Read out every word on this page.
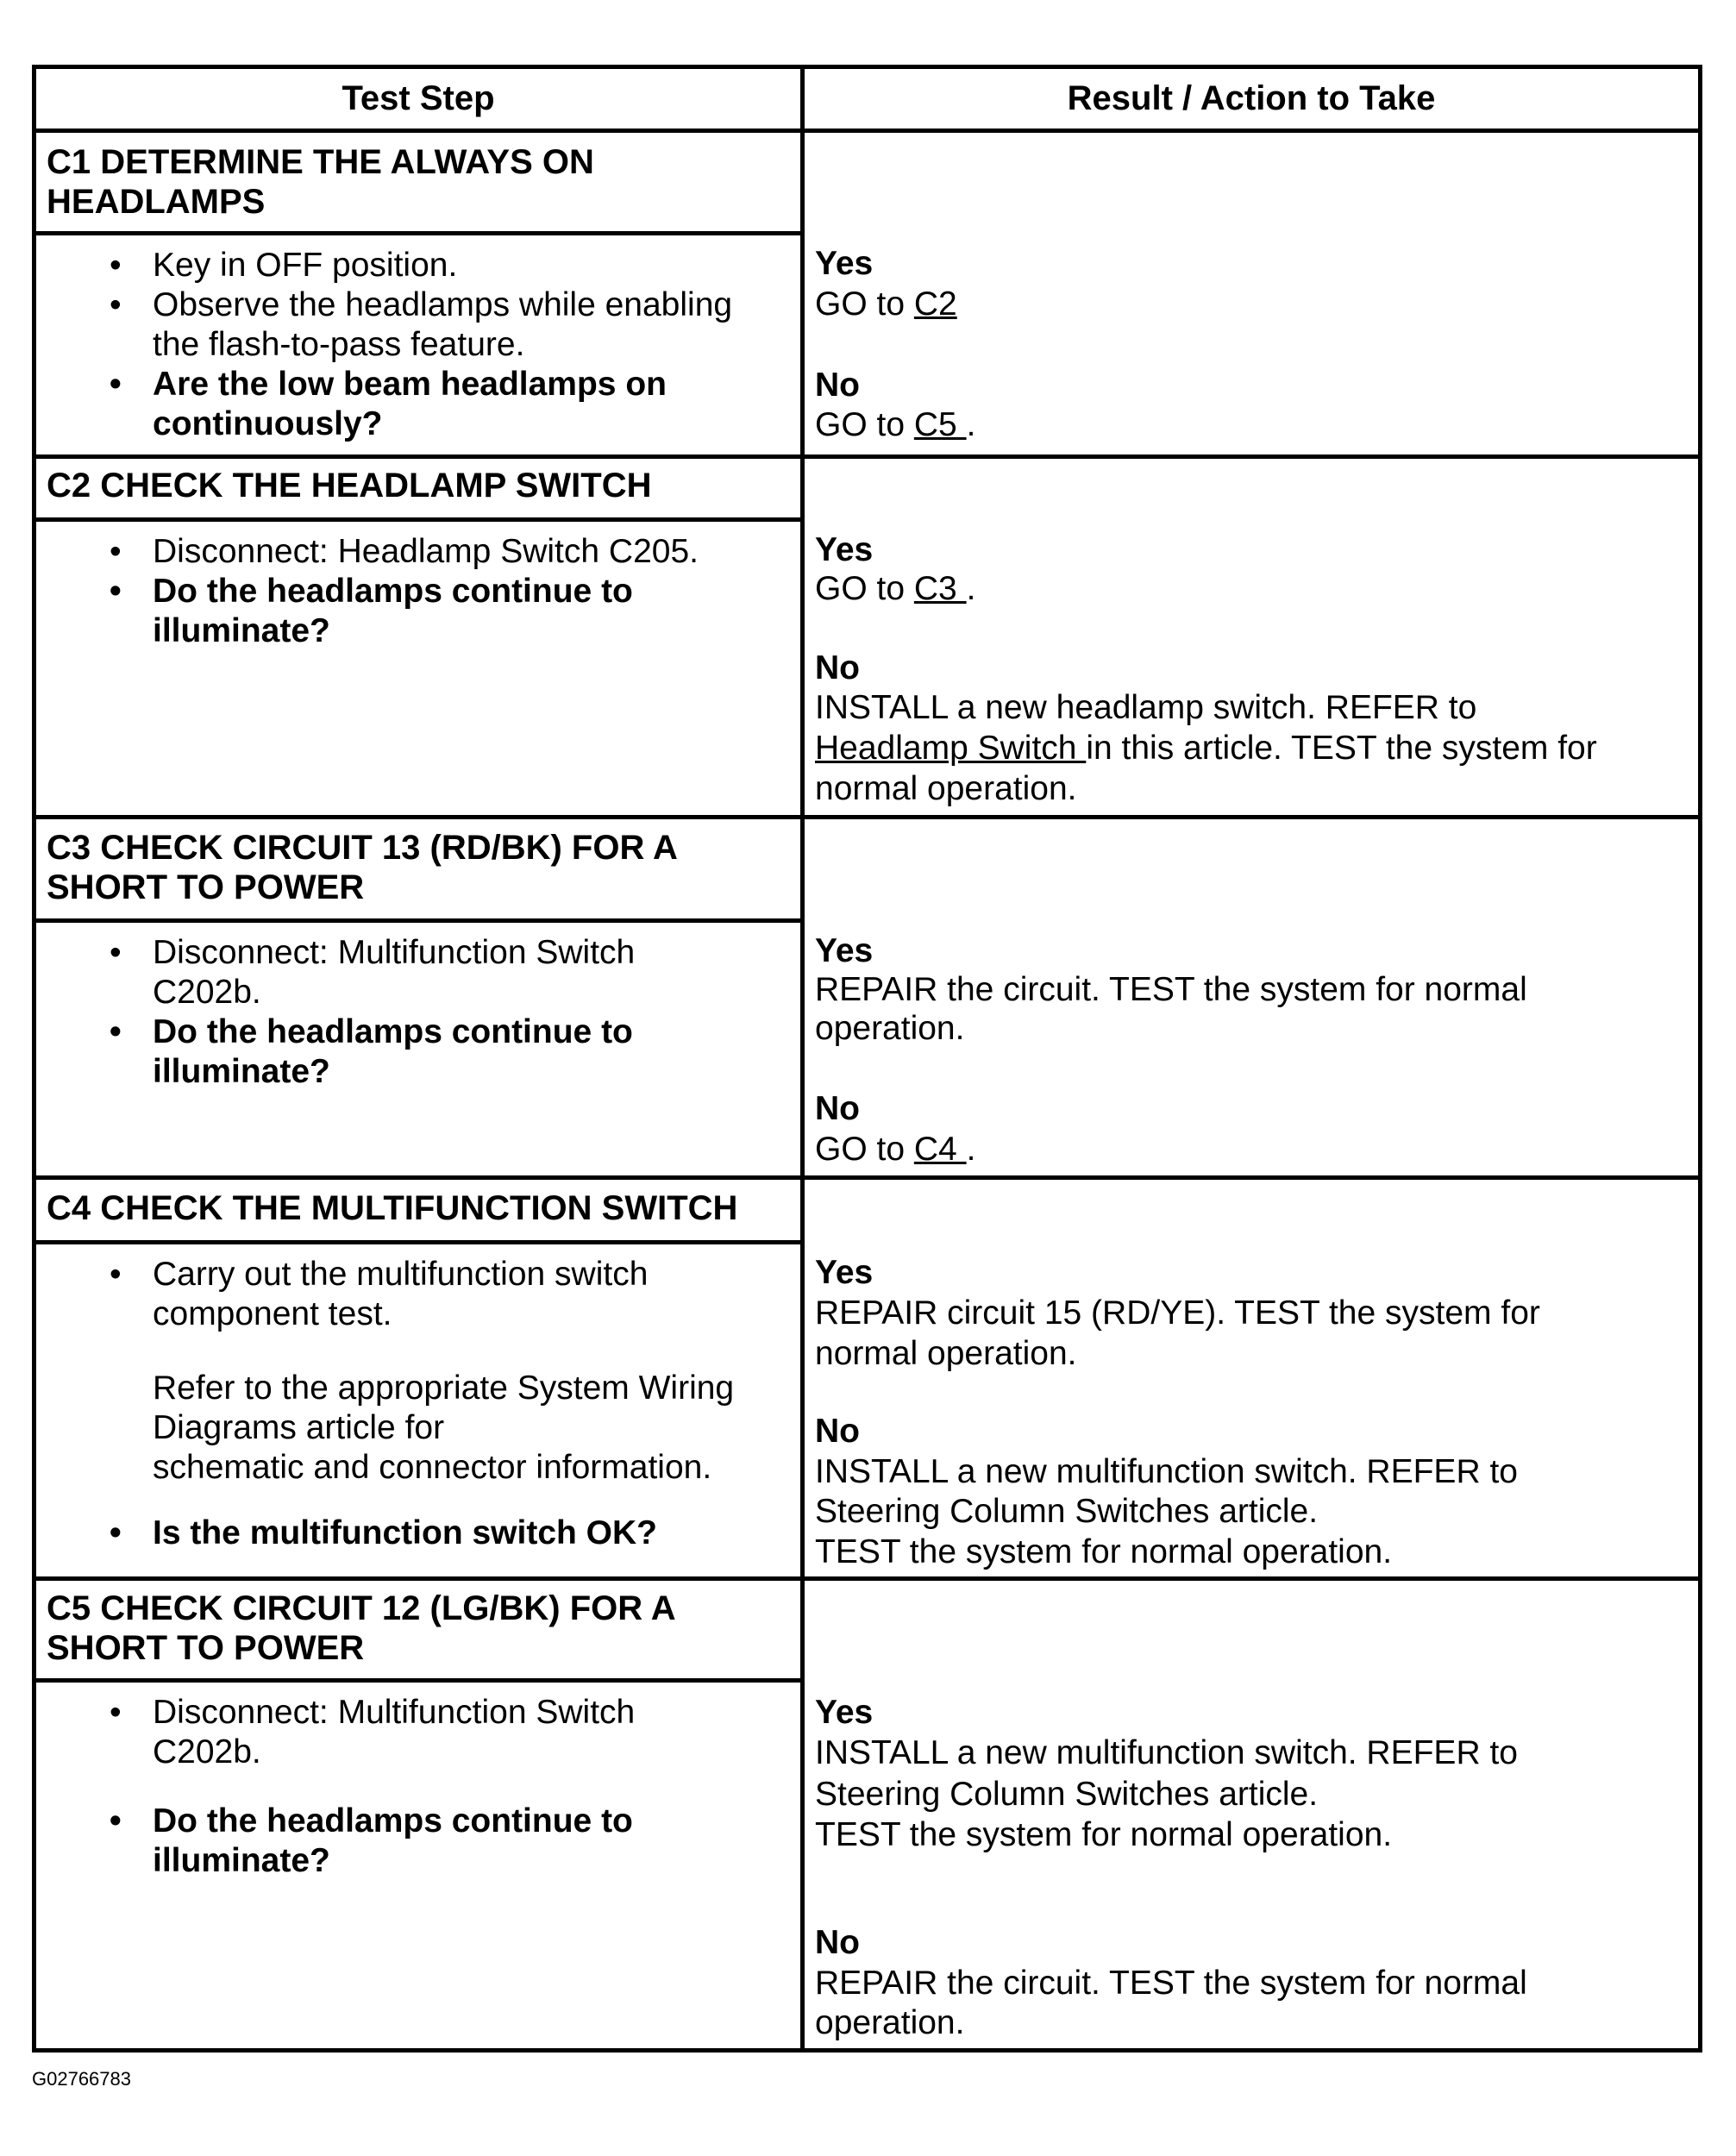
Test Step	Result / Action to Take
C1 DETERMINE THE ALWAYS ON
HEADLAMPS
• Key in OFF position.
• Observe the headlamps while enabling
the flash-to-pass feature.
• Are the low beam headlamps on
continuously?
Yes
GO to C2
No
GO to C5 .
C2 CHECK THE HEADLAMP SWITCH
• Disconnect: Headlamp Switch C205.
• Do the headlamps continue to
illuminate?
Yes
GO to C3 .
No
INSTALL a new headlamp switch. REFER to
Headlamp Switch in this article. TEST the system for
normal operation.
C3 CHECK CIRCUIT 13 (RD/BK) FOR A
SHORT TO POWER
• Disconnect: Multifunction Switch
C202b.
• Do the headlamps continue to
illuminate?
Yes
REPAIR the circuit. TEST the system for normal
operation.
No
GO to C4 .
C4 CHECK THE MULTIFUNCTION SWITCH
• Carry out the multifunction switch
component test.
Refer to the appropriate System Wiring
Diagrams article for
schematic and connector information.
• Is the multifunction switch OK?
Yes
REPAIR circuit 15 (RD/YE). TEST the system for
normal operation.
No
INSTALL a new multifunction switch. REFER to
Steering Column Switches article.
TEST the system for normal operation.
C5 CHECK CIRCUIT 12 (LG/BK) FOR A
SHORT TO POWER
• Disconnect: Multifunction Switch
C202b.
• Do the headlamps continue to
illuminate?
Yes
INSTALL a new multifunction switch. REFER to
Steering Column Switches article.
TEST the system for normal operation.
No
REPAIR the circuit. TEST the system for normal
operation.
G02766783
